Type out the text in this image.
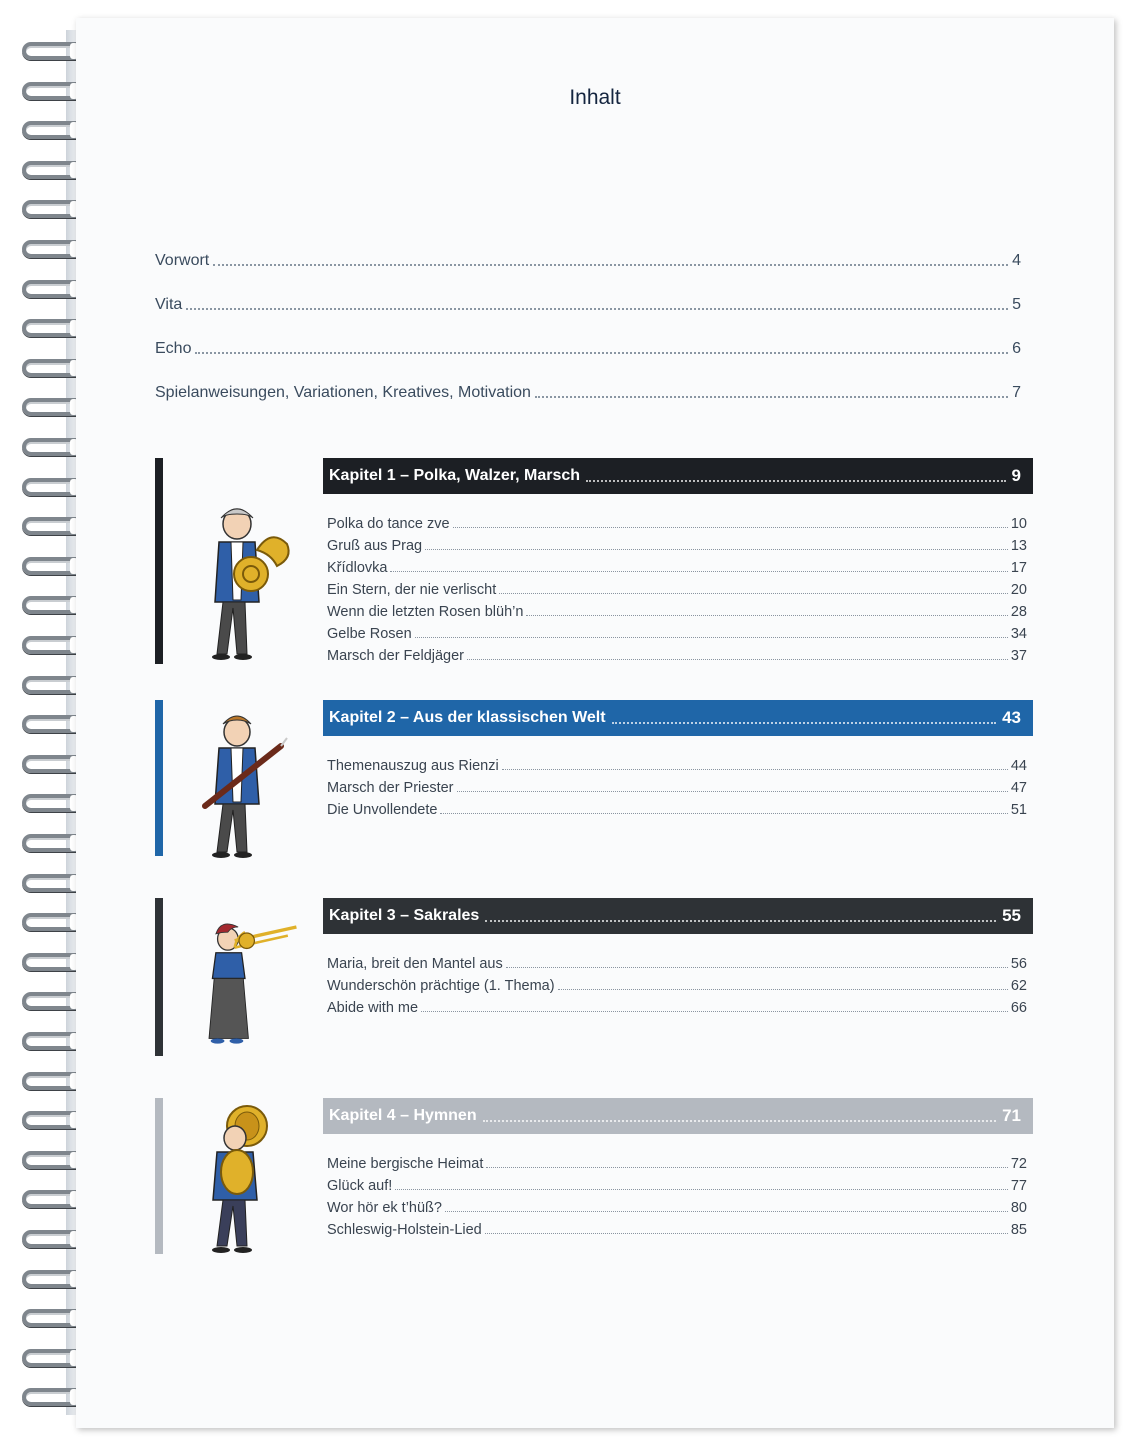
Inhalt
Vorwort	4
Vita	5
Echo	6
Spielanweisungen, Variationen, Kreatives, Motivation	7
Kapitel 1 – Polka, Walzer, Marsch	9
Polka do tance zve	10
Gruß aus Prag	13
Křídlovka	17
Ein Stern, der nie verlischt	20
Wenn die letzten Rosen blüh’n	28
Gelbe Rosen	34
Marsch der Feldjäger	37
Kapitel 2 – Aus der klassischen Welt	43
Themenauszug aus Rienzi	44
Marsch der Priester	47
Die Unvollendete	51
Kapitel 3 – Sakrales	55
Maria, breit den Mantel aus	56
Wunderschön prächtige (1. Thema)	62
Abide with me	66
Kapitel 4 – Hymnen	71
Meine bergische Heimat	72
Glück auf!	77
Wor hör ek t’hüß?	80
Schleswig-Holstein-Lied	85
